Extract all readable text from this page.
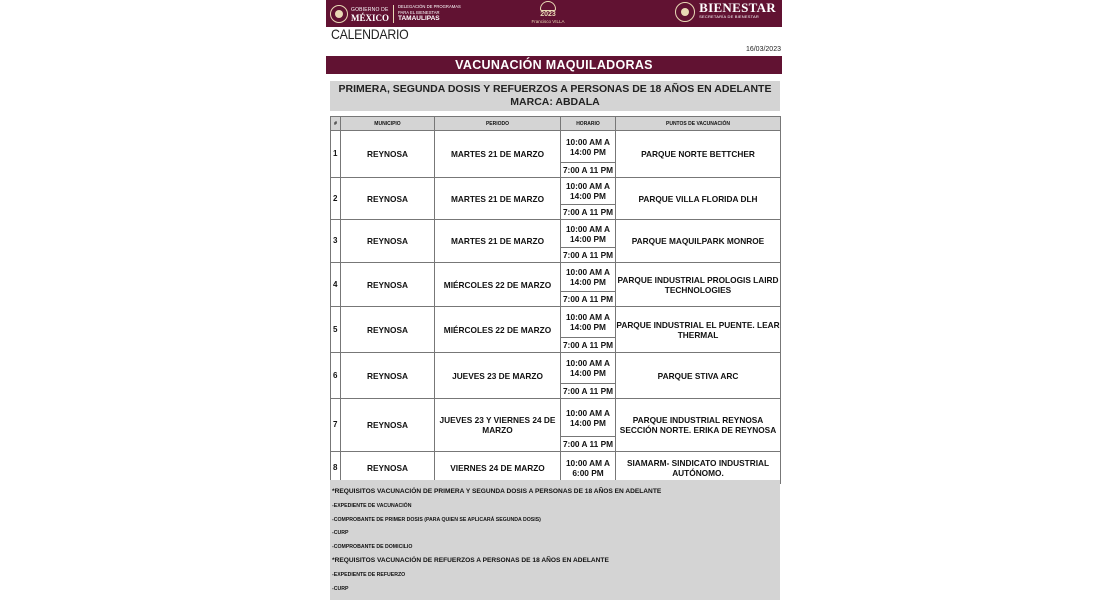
GOBIERNO DE
MÉXICO
DELEGACIÓN DE PROGRAMAS
PARA EL BIENESTAR
TAMAULIPAS
2023
Francisco VILLA
BIENESTAR
SECRETARÍA DE BIENESTAR
CALENDARIO
16/03/2023
VACUNACIÓN MAQUILADORAS
PRIMERA, SEGUNDA DOSIS Y REFUERZOS A PERSONAS DE 18 AÑOS EN ADELANTE
MARCA: ABDALA
#	MUNICIPIO	PERIODO	HORARIO	PUNTOS DE VACUNACIÓN
1	REYNOSA	MARTES 21 DE MARZO	10:00 AM A 14:00 PM	PARQUE NORTE BETTCHER
			7:00 A 11 PM	
2	REYNOSA	MARTES 21 DE MARZO	10:00 AM A 14:00 PM	PARQUE VILLA FLORIDA DLH
			7:00 A 11 PM	
3	REYNOSA	MARTES 21 DE MARZO	10:00 AM A 14:00 PM	PARQUE MAQUILPARK MONROE
			7:00 A 11 PM	
4	REYNOSA	MIÉRCOLES 22 DE MARZO	10:00 AM A 14:00 PM	PARQUE INDUSTRIAL PROLOGIS LAIRD TECHNOLOGIES
			7:00 A 11 PM	
5	REYNOSA	MIÉRCOLES 22 DE MARZO	10:00 AM A 14:00 PM	PARQUE INDUSTRIAL EL PUENTE. LEAR THERMAL
			7:00 A 11 PM	
6	REYNOSA	JUEVES 23 DE MARZO	10:00 AM A 14:00 PM	PARQUE STIVA ARC
			7:00 A 11 PM	
7	REYNOSA	JUEVES 23 Y VIERNES 24 DE MARZO	10:00 AM A 14:00 PM	PARQUE INDUSTRIAL REYNOSA SECCIÓN NORTE. ERIKA DE REYNOSA
			7:00 A 11 PM	
8	REYNOSA	VIERNES 24 DE MARZO	10:00 AM A 6:00 PM	SIAMARM- SINDICATO INDUSTRIAL AUTÓNOMO.
*REQUISITOS VACUNACIÓN DE PRIMERA Y SEGUNDA DOSIS A PERSONAS DE 18 AÑOS EN ADELANTE
-EXPEDIENTE DE VACUNACIÓN
-COMPROBANTE DE PRIMER DOSIS (PARA QUIEN SE APLICARÁ SEGUNDA DOSIS)
-CURP
-COMPROBANTE DE DOMICILIO
*REQUISITOS VACUNACIÓN DE REFUERZOS A PERSONAS DE 18 AÑOS EN ADELANTE
-EXPEDIENTE DE REFUERZO
-CURP
